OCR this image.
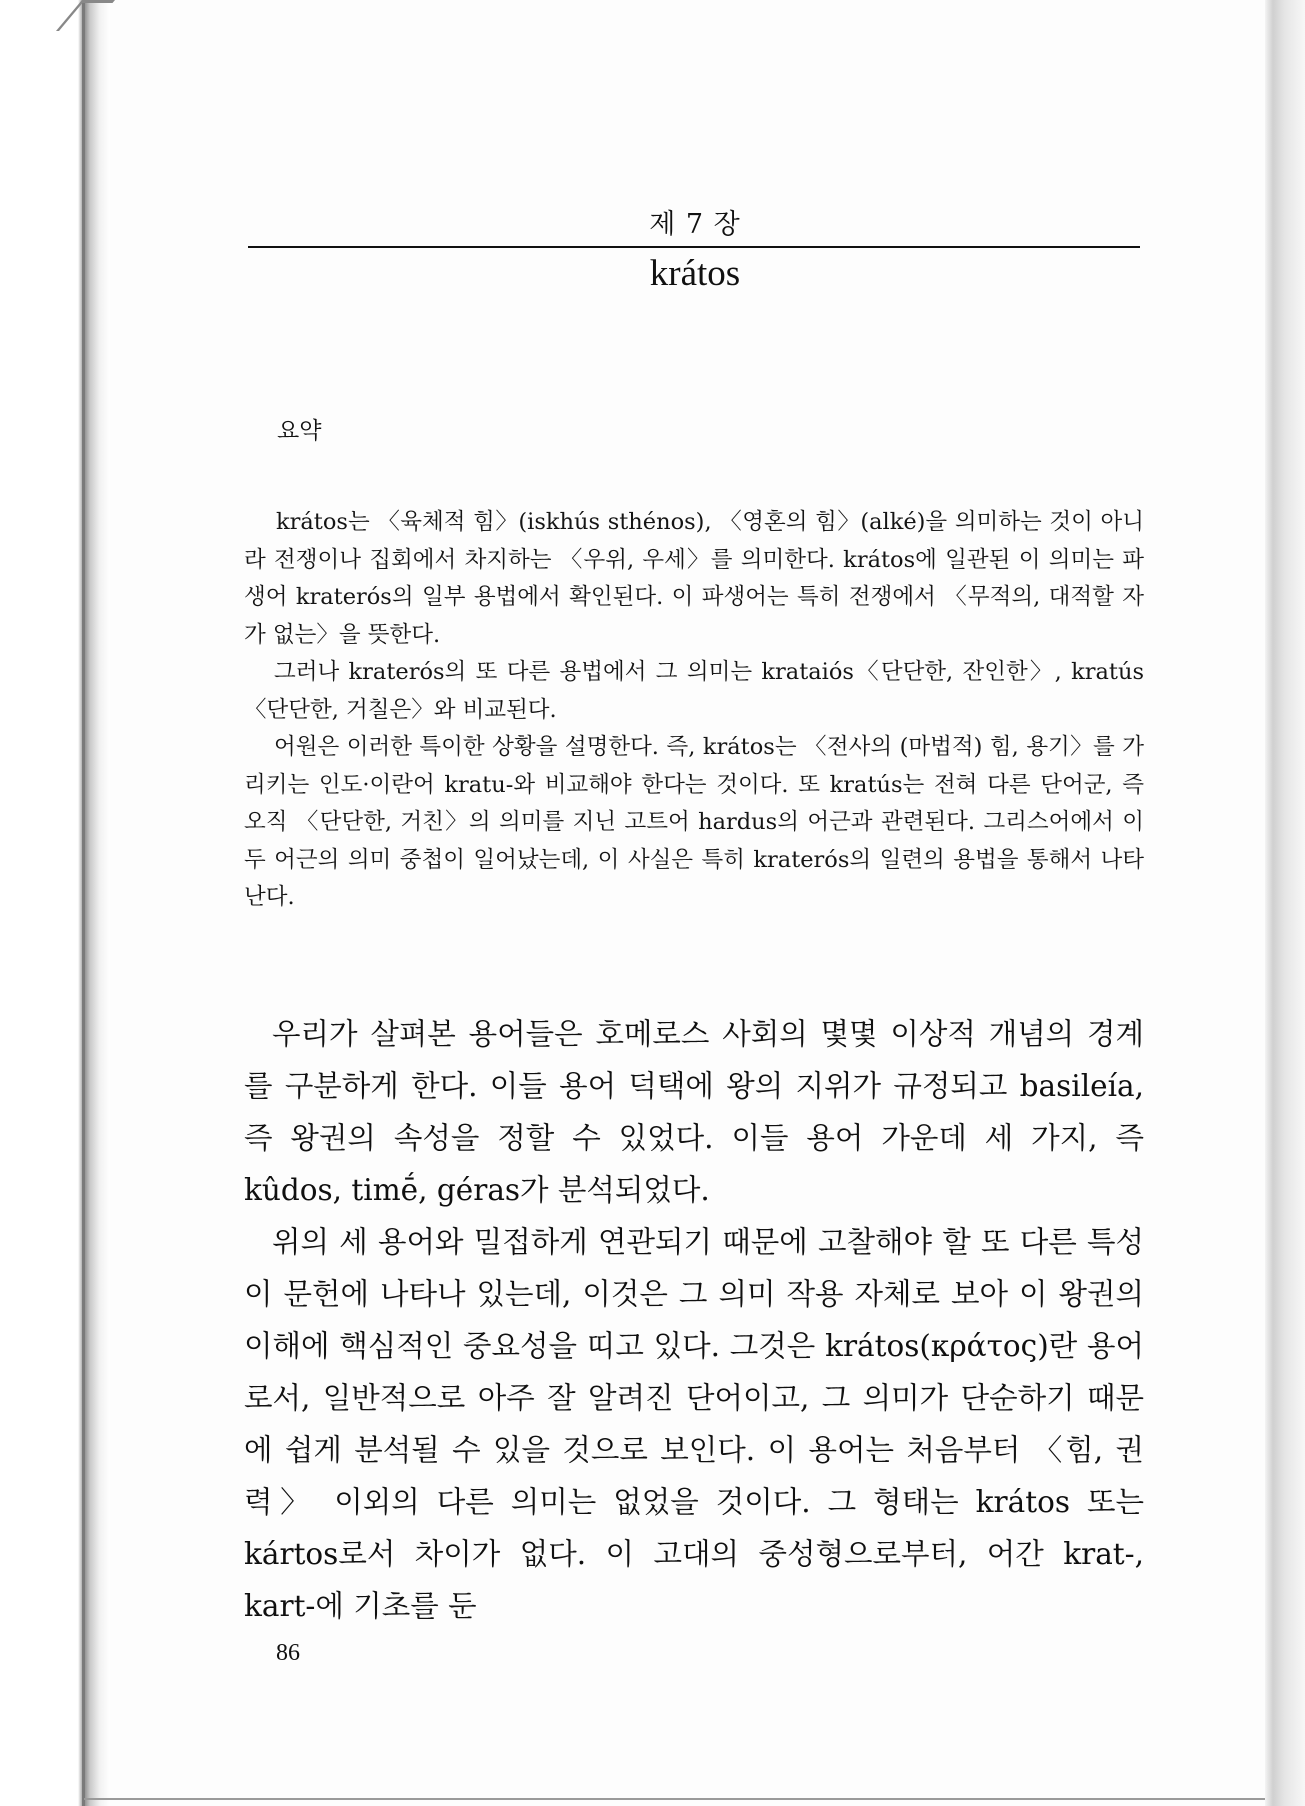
제 7 장
krátos
요약

krátos는 〈육체적 힘〉(iskhús sthénos), 〈영혼의 힘〉(alké)을 의미하는 것이 아니라 전쟁이나 집회에서 차지하는 〈우위, 우세〉를 의미한다. krátos에 일관된 이 의미는 파생어 kraterós의 일부 용법에서 확인된다. 이 파생어는 특히 전쟁에서 〈무적의, 대적할 자가 없는〉을 뜻한다.

그러나 kraterós의 또 다른 용법에서 그 의미는 krataiós〈단단한, 잔인한〉, kratús〈단단한, 거칠은〉와 비교된다.

어원은 이러한 특이한 상황을 설명한다. 즉, krátos는 〈전사의 (마법적) 힘, 용기〉를 가리키는 인도·이란어 kratu-와 비교해야 한다는 것이다. 또 kratús는 전혀 다른 단어군, 즉 오직 〈단단한, 거친〉의 의미를 지닌 고트어 hardus의 어근과 관련된다. 그리스어에서 이 두 어근의 의미 중첩이 일어났는데, 이 사실은 특히 kraterós의 일련의 용법을 통해서 나타난다.

우리가 살펴본 용어들은 호메로스 사회의 몇몇 이상적 개념의 경계를 구분하게 한다. 이들 용어 덕택에 왕의 지위가 규정되고 basileía, 즉 왕권의 속성을 정할 수 있었다. 이들 용어 가운데 세 가지, 즉 kûdos, timḗ, géras가 분석되었다.

위의 세 용어와 밀접하게 연관되기 때문에 고찰해야 할 또 다른 특성이 문헌에 나타나 있는데, 이것은 그 의미 작용 자체로 보아 이 왕권의 이해에 핵심적인 중요성을 띠고 있다. 그것은 krátos(κράτος)란 용어로서, 일반적으로 아주 잘 알려진 단어이고, 그 의미가 단순하기 때문에 쉽게 분석될 수 있을 것으로 보인다. 이 용어는 처음부터 〈힘, 권력〉 이외의 다른 의미는 없었을 것이다. 그 형태는 krátos 또는 kártos로서 차이가 없다. 이 고대의 중성형으로부터, 어간 krat-, kart-에 기초를 둔

86
